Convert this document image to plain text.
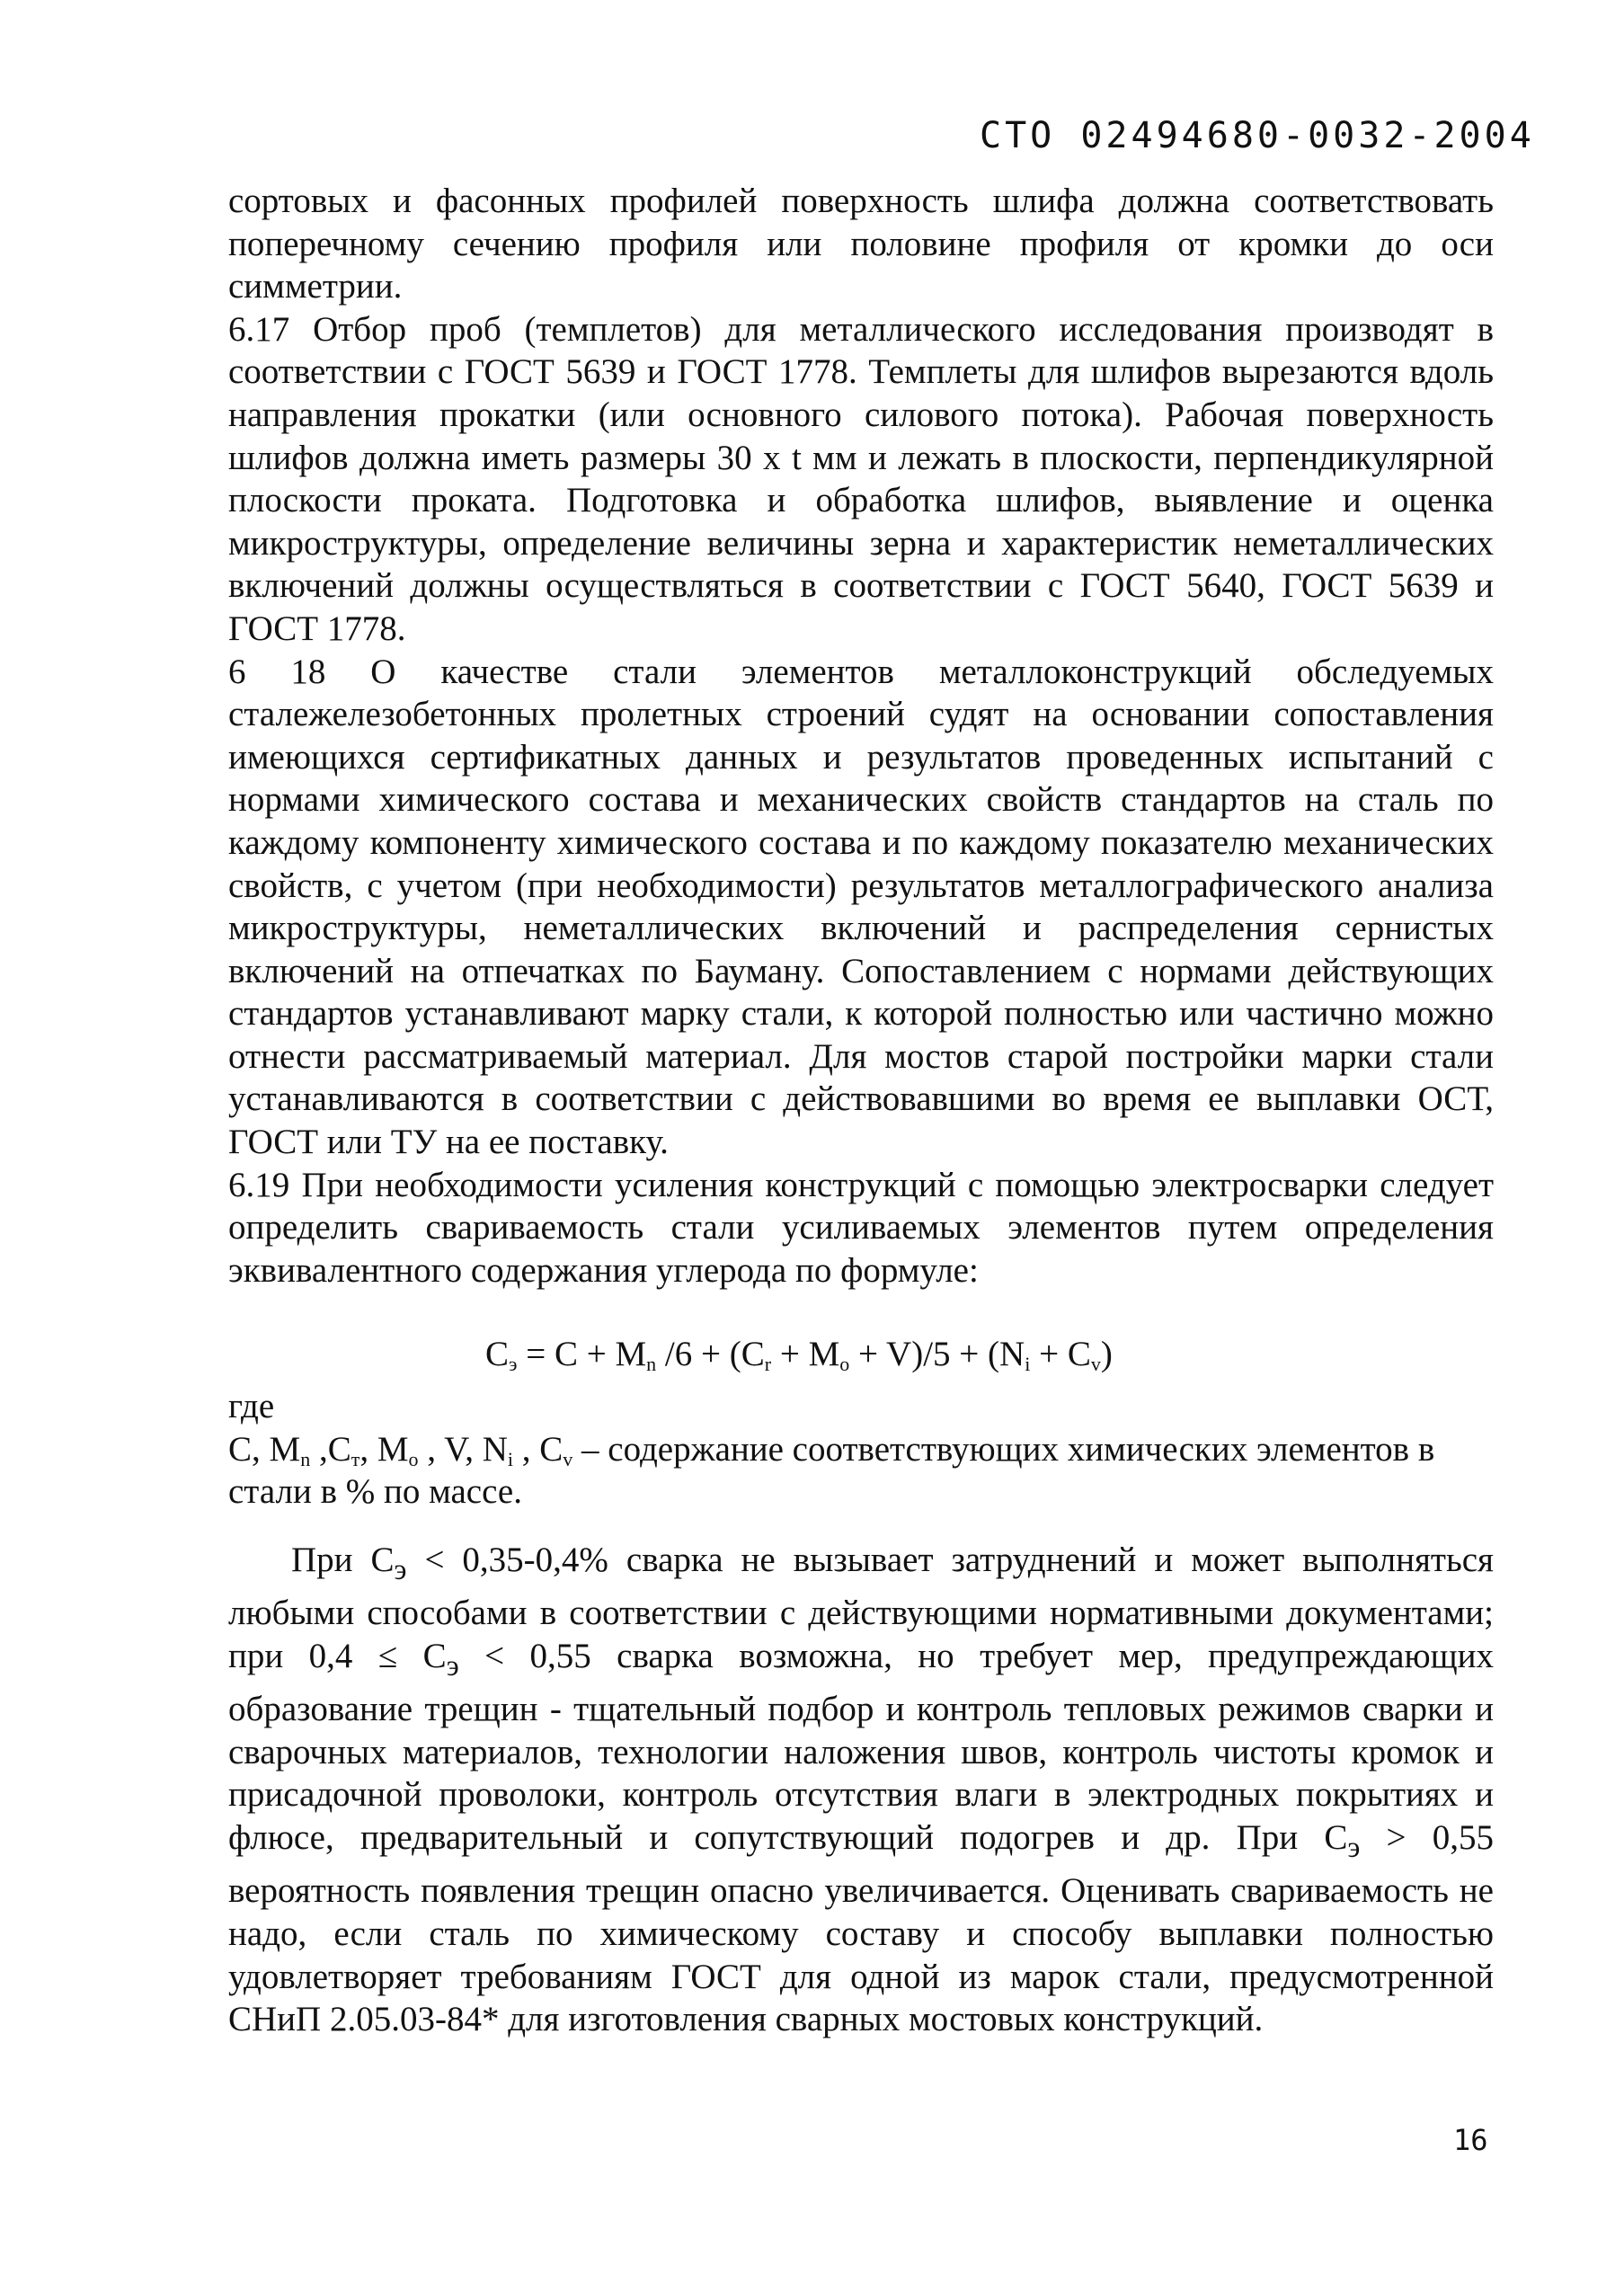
СТО 02494680-0032-2004

сортовых и фасонных профилей поверхность шлифа должна соответствовать поперечному сечению профиля или половине профиля от кромки до оси симметрии.

6.17 Отбор проб (темплетов) для металлического исследования производят в соответствии с ГОСТ 5639 и ГОСТ 1778. Темплеты для шлифов вырезаются вдоль направления прокатки (или основного силового потока). Рабочая поверхность шлифов должна иметь размеры 30 x t мм и лежать в плоскости, перпендикулярной плоскости проката. Подготовка и обработка шлифов, выявление и оценка микроструктуры, определение величины зерна и характеристик неметаллических включений должны осуществляться в соответствии с ГОСТ 5640, ГОСТ 5639 и ГОСТ 1778.

6 18 О качестве стали элементов металлоконструкций обследуемых сталежелезобетонных пролетных строений судят на основании сопоставления имеющихся сертификатных данных и результатов проведенных испытаний с нормами химического состава и механических свойств стандартов на сталь по каждому компоненту химического состава и по каждому показателю механических свойств, с учетом (при необходимости) результатов металлографического анализа микроструктуры, неметаллических включений и распределения сернистых включений на отпечатках по Бауману. Сопоставлением с нормами действующих стандартов устанавливают марку стали, к которой полностью или частично можно отнести рассматриваемый материал. Для мостов старой постройки марки стали устанавливаются в соответствии с действовавшими во время ее выплавки ОСТ, ГОСТ или ТУ на ее поставку.

6.19 При необходимости усиления конструкций с помощью электросварки следует определить свариваемость стали усиливаемых элементов путем определения эквивалентного содержания углерода по формуле:

$C_э = C + M_n$ $/6 + (C_r + M_o + V)/5 + (N_i + C_v)$

где

C, $M_n$ $,C_т$, $M_o$ , V, $N_i$ , $C_v$ – содержание соответствующих химических элементов в стали в % по массе.

При $C_э < 0,35-0,4\%$ сварка не вызывает затруднений и может выполняться любыми способами в соответствии с действующими нормативными документами; при $0,4 \le C_э < 0,55$ сварка возможна, но требует мер, предупреждающих образование трещин - тщательный подбор и контроль тепловых режимов сварки и сварочных материалов, технологии наложения швов, контроль чистоты кромок и присадочной проволоки, контроль отсутствия влаги в электродных покрытиях и флюсе, предварительный и сопутствующий подогрев и др. При $C_э > 0,55$ вероятность появления трещин опасно увеличивается. Оценивать свариваемость не надо, если сталь по химическому составу и способу выплавки полностью удовлетворяет требованиям ГОСТ для одной из марок стали, предусмотренной СНиП 2.05.03-84* для изготовления сварных мостовых конструкций.

16
